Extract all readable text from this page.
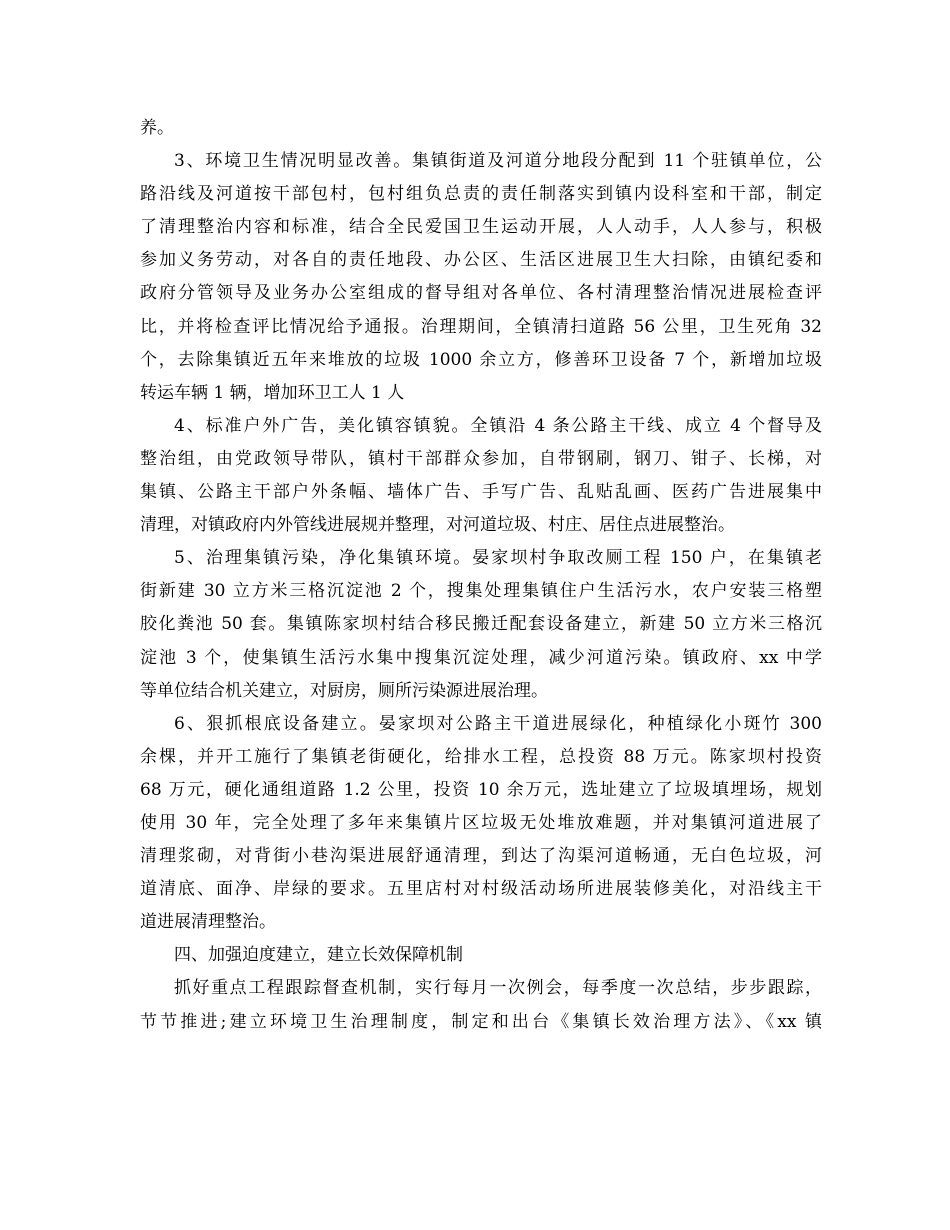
养。
3、环境卫生情况明显改善。集镇街道及河道分地段分配到 11 个驻镇单位，公
路沿线及河道按干部包村，包村组负总责的责任制落实到镇内设科室和干部，制定
了清理整治内容和标准，结合全民爱国卫生运动开展，人人动手，人人参与，积极
参加义务劳动，对各自的责任地段、办公区、生活区进展卫生大扫除，由镇纪委和
政府分管领导及业务办公室组成的督导组对各单位、各村清理整治情况进展检查评
比，并将检查评比情况给予通报。治理期间，全镇清扫道路 56 公里，卫生死角 32
个，去除集镇近五年来堆放的垃圾 1000 余立方，修善环卫设备 7 个，新增加垃圾
转运车辆 1 辆，增加环卫工人 1 人
4、标准户外广告，美化镇容镇貌。全镇沿 4 条公路主干线、成立 4 个督导及
整治组，由党政领导带队，镇村干部群众参加，自带钢刷，钢刀、钳子、长梯，对
集镇、公路主干部户外条幅、墙体广告、手写广告、乱贴乱画、医药广告进展集中
清理，对镇政府内外管线进展规并整理，对河道垃圾、村庄、居住点进展整治。
5、治理集镇污染，净化集镇环境。晏家坝村争取改厕工程 150 户，在集镇老
街新建 30 立方米三格沉淀池 2 个，搜集处理集镇住户生活污水，农户安装三格塑
胶化粪池 50 套。集镇陈家坝村结合移民搬迁配套设备建立，新建 50 立方米三格沉
淀池 3 个，使集镇生活污水集中搜集沉淀处理，减少河道污染。镇政府、xx 中学
等单位结合机关建立，对厨房，厕所污染源进展治理。
6、狠抓根底设备建立。晏家坝对公路主干道进展绿化，种植绿化小斑竹 300
余棵，并开工施行了集镇老街硬化，给排水工程，总投资 88 万元。陈家坝村投资
68 万元，硬化通组道路 1.2 公里，投资 10 余万元，选址建立了垃圾填埋场，规划
使用 30 年，完全处理了多年来集镇片区垃圾无处堆放难题，并对集镇河道进展了
清理浆砌，对背街小巷沟渠进展舒通清理，到达了沟渠河道畅通，无白色垃圾，河
道清底、面净、岸绿的要求。五里店村对村级活动场所进展装修美化，对沿线主干
道进展清理整治。
四、加强迫度建立，建立长效保障机制
抓好重点工程跟踪督查机制，实行每月一次例会，每季度一次总结，步步跟踪，
节节推进;建立环境卫生治理制度，制定和出台《集镇长效治理方法》、《xx 镇
